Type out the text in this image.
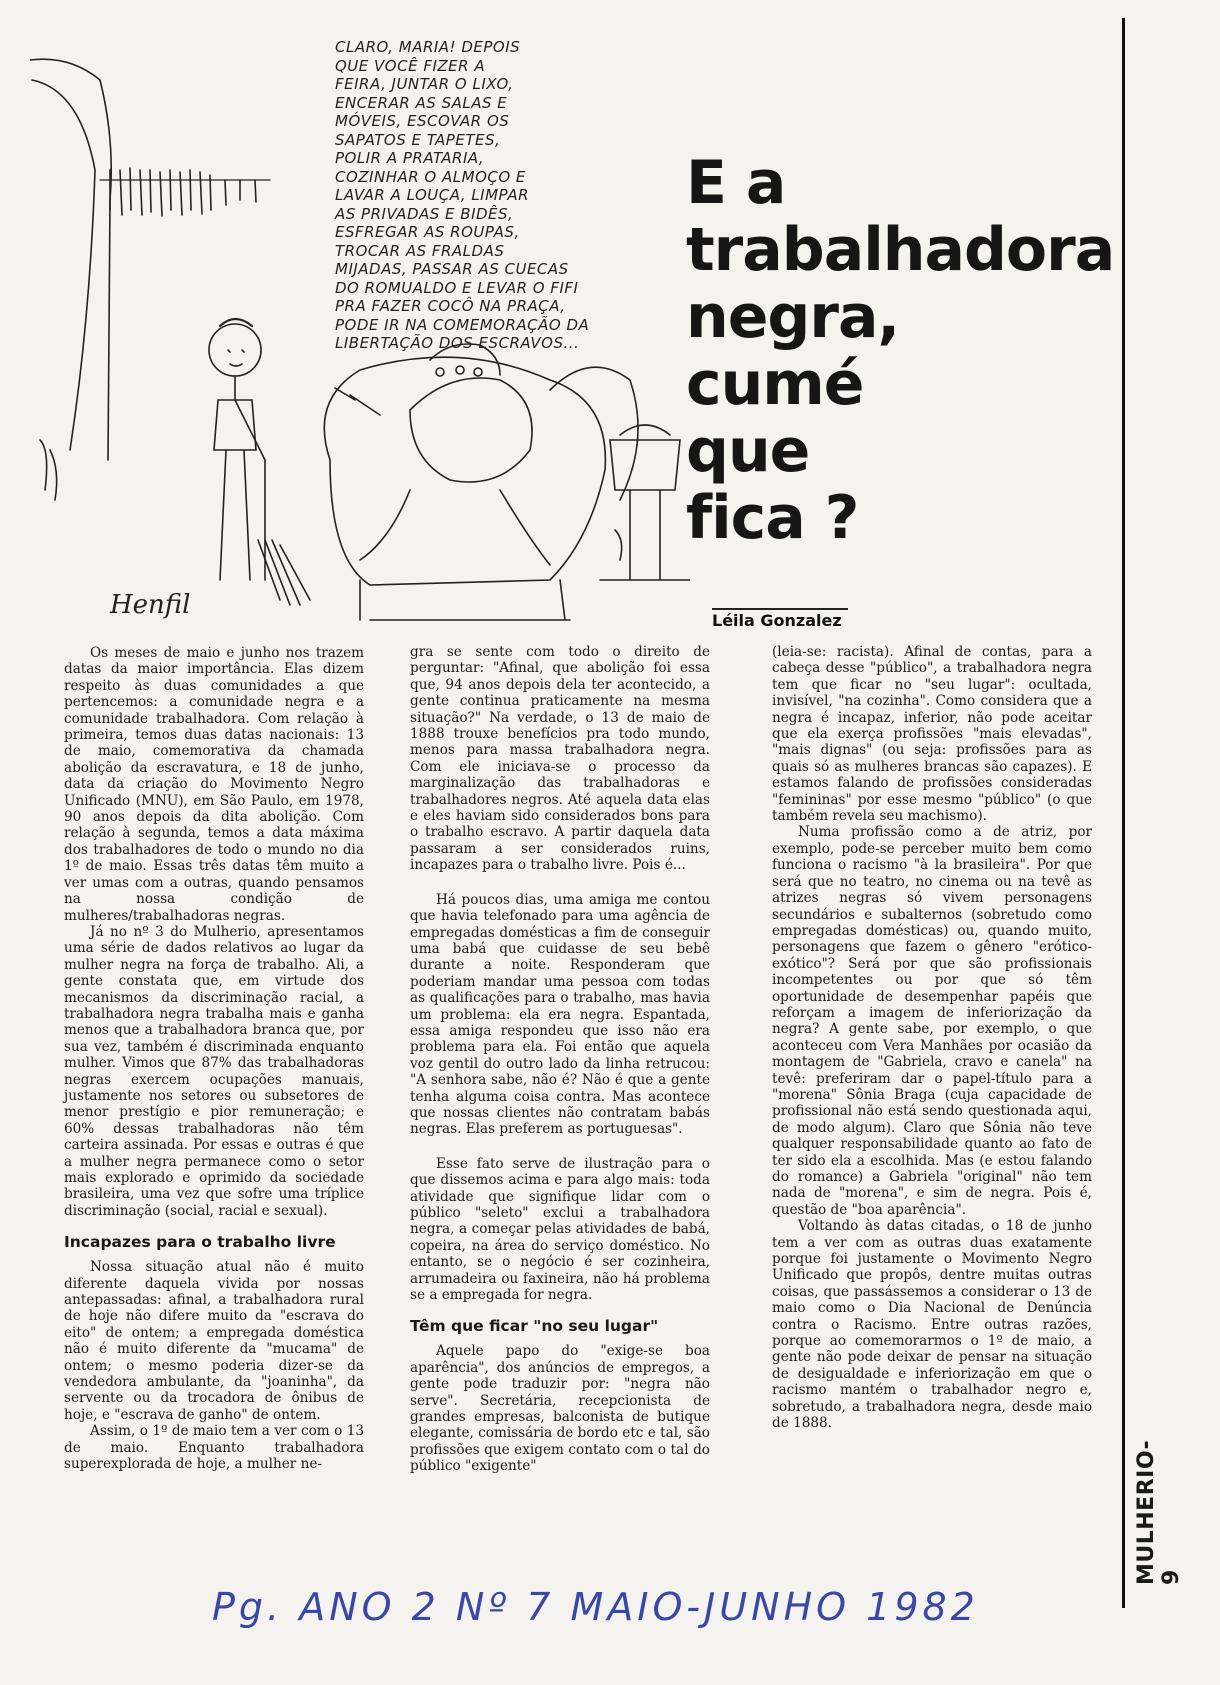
CLARO, MARIA! DEPOIS
QUE VOCÊ FIZER A
FEIRA, JUNTAR O LIXO,
ENCERAR AS SALAS E
MÓVEIS, ESCOVAR OS
SAPATOS E TAPETES,
POLIR A PRATARIA,
COZINHAR O ALMOÇO E
LAVAR A LOUÇA, LIMPAR
AS PRIVADAS E BIDÊS,
ESFREGAR AS ROUPAS,
TROCAR AS FRALDAS
MIJADAS, PASSAR AS CUECAS
DO ROMUALDO E LEVAR O FIFI
PRA FAZER COCÔ NA PRAÇA,
PODE IR NA COMEMORAÇÃO DA
LIBERTAÇÃO DOS ESCRAVOS...
Henfil
E a
trabalhadora
negra,
cumé
que
fica ?
Léila Gonzalez
MULHERIO-9

Os meses de maio e junho nos trazem datas da maior importância. Elas dizem respeito às duas comunidades a que pertencemos: a comunidade negra e a comunidade trabalhadora. Com relação à primeira, temos duas datas nacionais: 13 de maio, comemorativa da chamada abolição da escravatura, e 18 de junho, data da criação do Movimento Negro Unificado (MNU), em São Paulo, em 1978, 90 anos depois da dita abolição. Com relação à segunda, temos a data máxima dos trabalhadores de todo o mundo no dia 1º de maio. Essas três datas têm muito a ver umas com a outras, quando pensamos na nossa condição de mulheres/trabalhadoras negras.

Já no nº 3 do Mulherio, apresentamos uma série de dados relativos ao lugar da mulher negra na força de trabalho. Ali, a gente constata que, em virtude dos mecanismos da discriminação racial, a trabalhadora negra trabalha mais e ganha menos que a trabalhadora branca que, por sua vez, também é discriminada enquanto mulher. Vimos que 87% das trabalhadoras negras exercem ocupações manuais, justamente nos setores ou subsetores de menor prestígio e pior remuneração; e 60% dessas trabalhadoras não têm carteira assinada. Por essas e outras é que a mulher negra permanece como o setor mais explorado e oprimido da sociedade brasileira, uma vez que sofre uma tríplice discriminação (social, racial e sexual).

Incapazes para o trabalho livre

Nossa situação atual não é muito diferente daquela vivida por nossas antepassadas: afinal, a trabalhadora rural de hoje não difere muito da "escrava do eito" de ontem; a empregada doméstica não é muito diferente da "mucama" de ontem; o mesmo poderia dizer-se da vendedora ambulante, da "joaninha", da servente ou da trocadora de ônibus de hoje, e "escrava de ganho" de ontem.

Assim, o 1º de maio tem a ver com o 13 de maio. Enquanto trabalhadora superexplorada de hoje, a mulher ne-

gra se sente com todo o direito de perguntar: "Afinal, que abolição foi essa que, 94 anos depois dela ter acontecido, a gente continua praticamente na mesma situação?" Na verdade, o 13 de maio de 1888 trouxe benefícios pra todo mundo, menos para massa trabalhadora negra. Com ele iniciava-se o processo da marginalização das trabalhadoras e trabalhadores negros. Até aquela data elas e eles haviam sido considerados bons para o trabalho escravo. A partir daquela data passaram a ser considerados ruins, incapazes para o trabalho livre. Pois é...

Há poucos dias, uma amiga me contou que havia telefonado para uma agência de empregadas domésticas a fim de conseguir uma babá que cuidasse de seu bebê durante a noite. Responderam que poderiam mandar uma pessoa com todas as qualificações para o trabalho, mas havia um problema: ela era negra. Espantada, essa amiga respondeu que isso não era problema para ela. Foi então que aquela voz gentil do outro lado da linha retrucou: "A senhora sabe, não é? Não é que a gente tenha alguma coisa contra. Mas acontece que nossas clientes não contratam babás negras. Elas preferem as portuguesas".

Esse fato serve de ilustração para o que dissemos acima e para algo mais: toda atividade que signifique lidar com o público "seleto" exclui a trabalhadora negra, a começar pelas atividades de babá, copeira, na área do serviço doméstico. No entanto, se o negócio é ser cozinheira, arrumadeira ou faxineira, não há problema se a empregada for negra.

Têm que ficar "no seu lugar"

Aquele papo do "exige-se boa aparência", dos anúncios de empregos, a gente pode traduzir por: "negra não serve". Secretária, recepcionista de grandes empresas, balconista de butique elegante, comissária de bordo etc e tal, são profissões que exigem contato com o tal do público "exigente"

(leia-se: racista). Afinal de contas, para a cabeça desse "público", a trabalhadora negra tem que ficar no "seu lugar": ocultada, invisível, "na cozinha". Como considera que a negra é incapaz, inferior, não pode aceitar que ela exerça profissões "mais elevadas", "mais dignas" (ou seja: profissões para as quais só as mulheres brancas são capazes). E estamos falando de profissões consideradas "femininas" por esse mesmo "público" (o que também revela seu machismo).

Numa profissão como a de atriz, por exemplo, pode-se perceber muito bem como funciona o racismo "à la brasileira". Por que será que no teatro, no cinema ou na tevê as atrizes negras só vivem personagens secundários e subalternos (sobretudo como empregadas domésticas) ou, quando muito, personagens que fazem o gênero "erótico-exótico"? Será por que são profissionais incompetentes ou por que só têm oportunidade de desempenhar papéis que reforçam a imagem de inferiorização da negra? A gente sabe, por exemplo, o que aconteceu com Vera Manhães por ocasião da montagem de "Gabriela, cravo e canela" na tevê: preferiram dar o papel-título para a "morena" Sônia Braga (cuja capacidade de profissional não está sendo questionada aqui, de modo algum). Claro que Sônia não teve qualquer responsabilidade quanto ao fato de ter sido ela a escolhida. Mas (e estou falando do romance) a Gabriela "original" não tem nada de "morena", e sim de negra. Pois é, questão de "boa aparência".

Voltando às datas citadas, o 18 de junho tem a ver com as outras duas exatamente porque foi justamente o Movimento Negro Unificado que propôs, dentre muitas outras coisas, que passássemos a considerar o 13 de maio como o Dia Nacional de Denúncia contra o Racismo. Entre outras razões, porque ao comemorarmos o 1º de maio, a gente não pode deixar de pensar na situação de desigualdade e inferiorização em que o racismo mantém o trabalhador negro e, sobretudo, a trabalhadora negra, desde maio de 1888.

Pg. ANO 2 Nº 7 MAIO-JUNHO 1982
